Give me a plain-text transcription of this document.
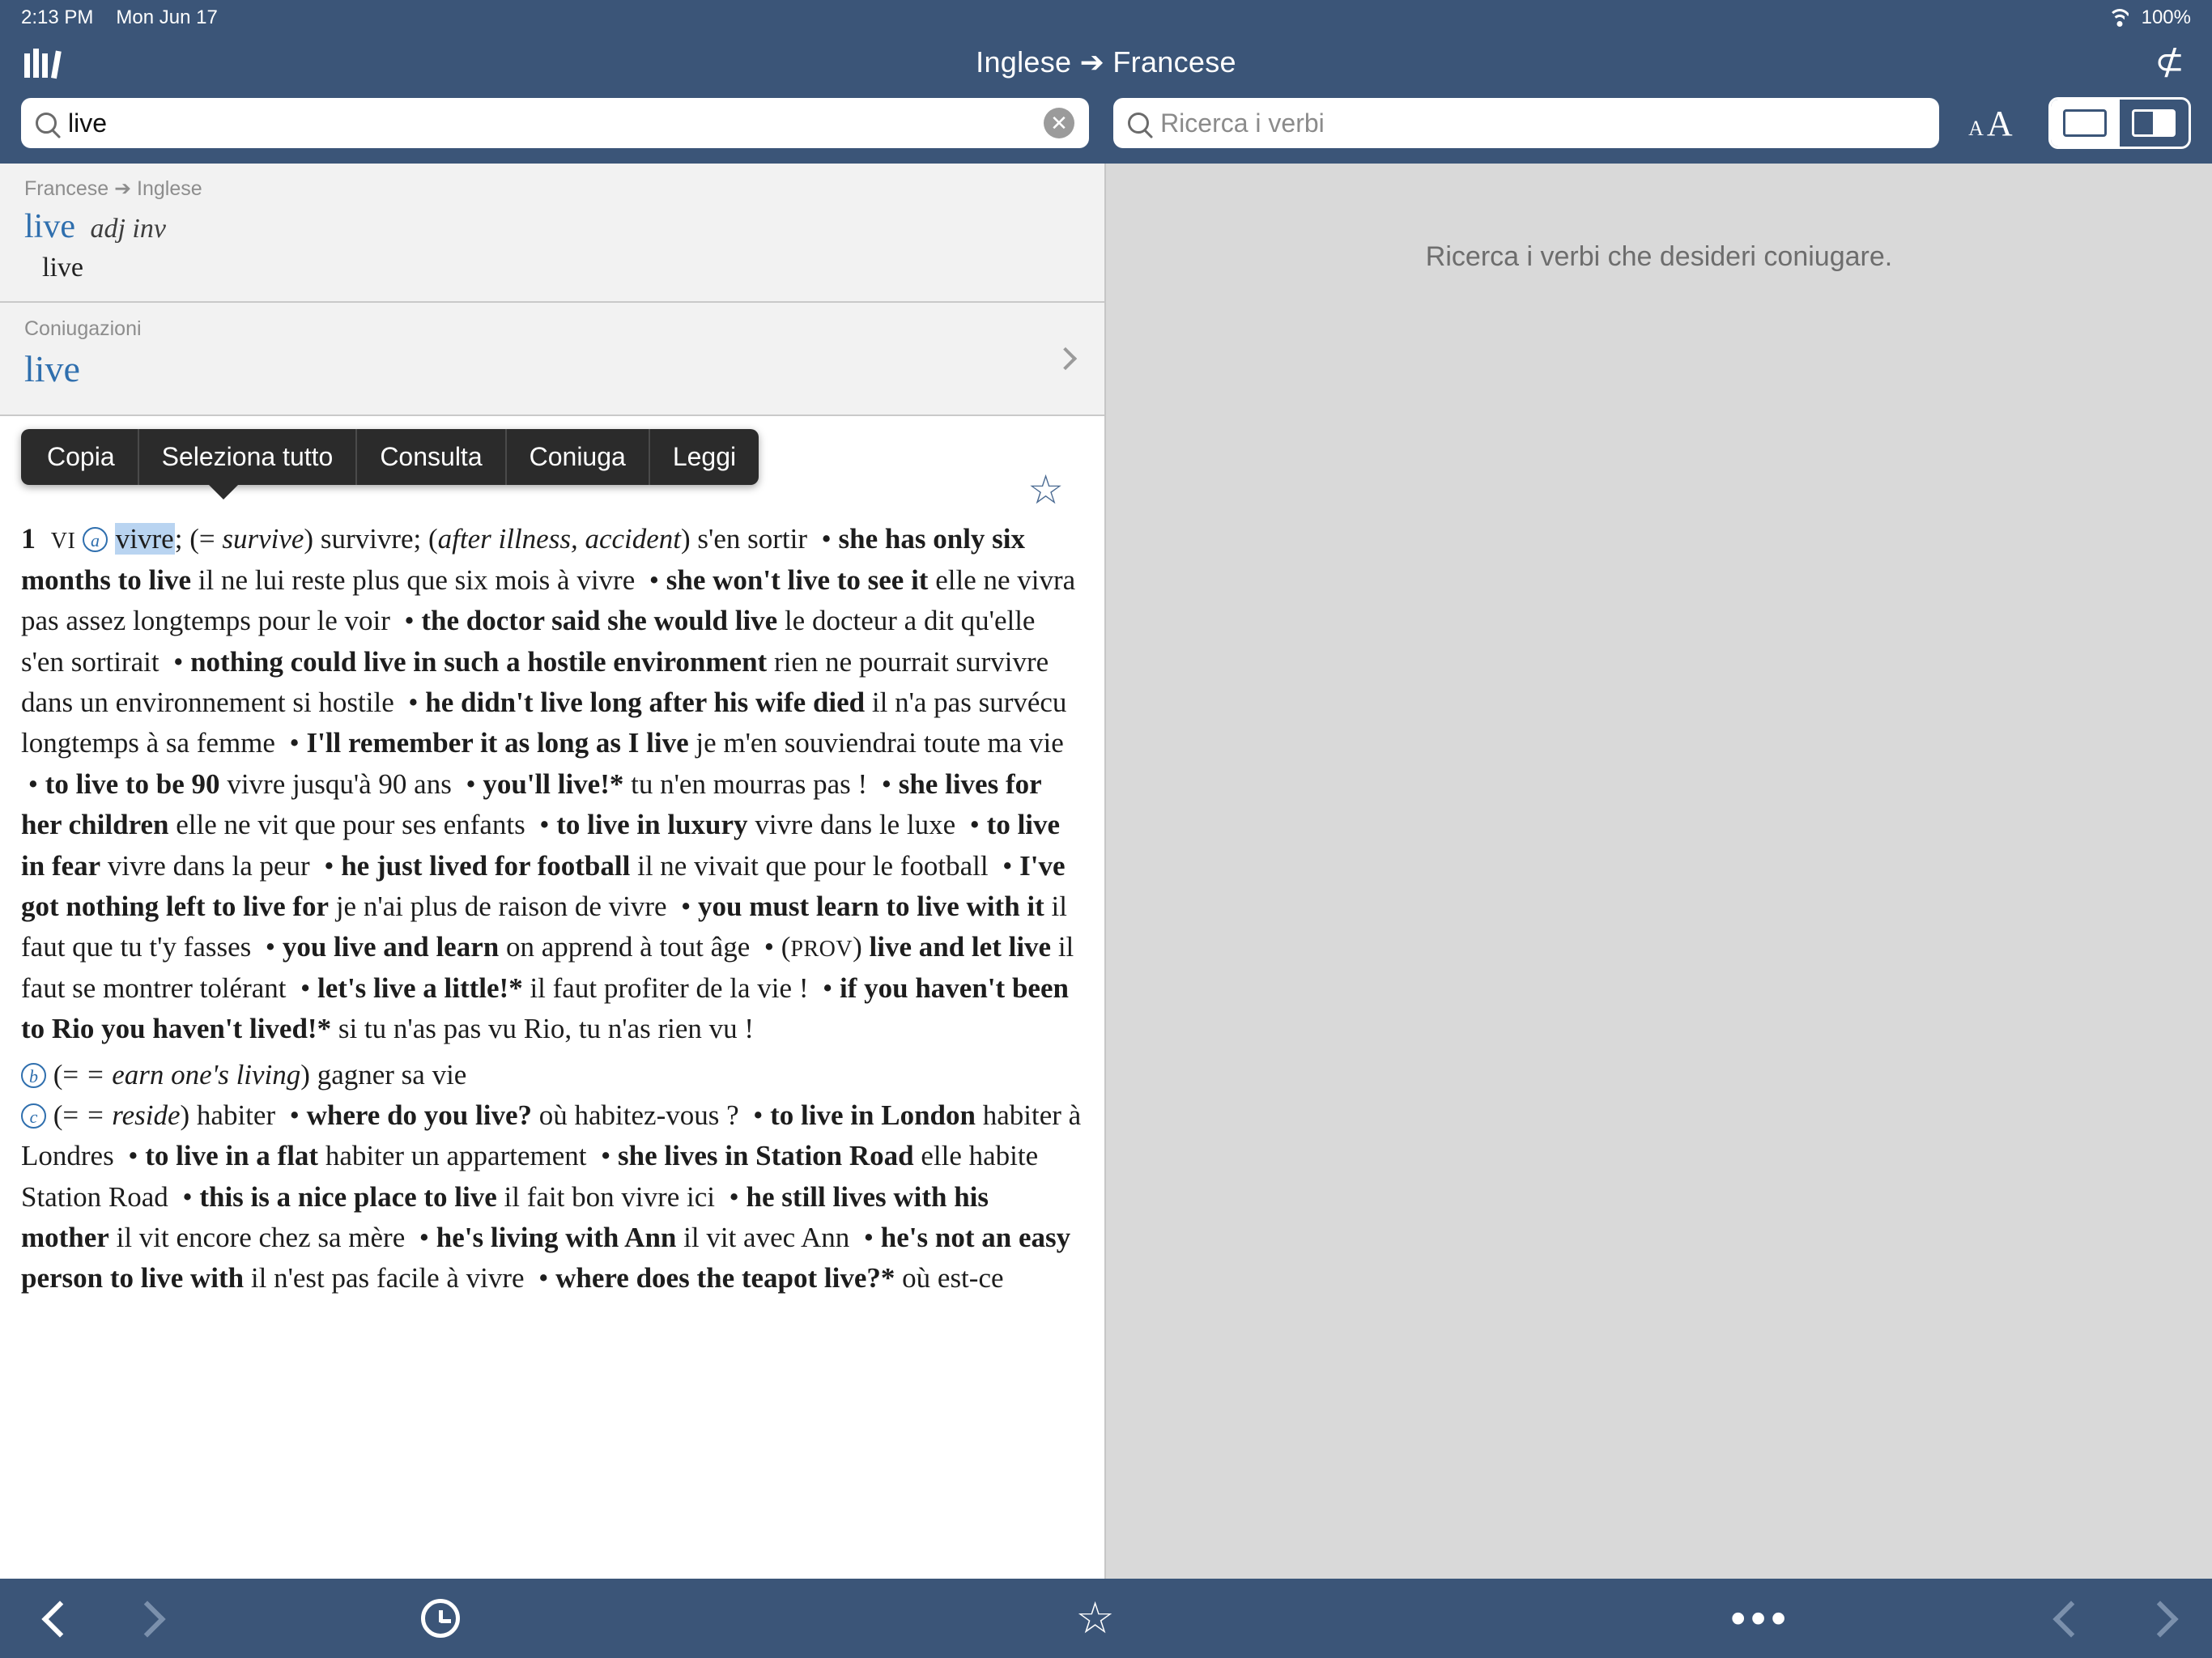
2:13 PM Mon Jun 17	100%
Inglese ➔ Francese	⊄
live	✕	Ricerca i verbi	A A
Francese ➔ Inglese
live adj inv
live
Coniugazioni
live
Copia	Seleziona tutto	Consulta	Coniuga	Leggi
☆
1 VI a vivre; (= survive) survivre; (after illness, accident) s'en sortir  • she has only six months to live il ne lui reste plus que six mois à vivre  • she won't live to see it elle ne vivra pas assez longtemps pour le voir  • the doctor said she would live le docteur a dit qu'elle s'en sortirait  • nothing could live in such a hostile environment rien ne pourrait survivre dans un environnement si hostile  • he didn't live long after his wife died il n'a pas survécu longtemps à sa femme  • I'll remember it as long as I live je m'en souviendrai toute ma vie  • to live to be 90 vivre jusqu'à 90 ans  • you'll live!* tu n'en mourras pas !  • she lives for her children elle ne vit que pour ses enfants  • to live in luxury vivre dans le luxe  • to live in fear vivre dans la peur  • he just lived for football il ne vivait que pour le football  • I've got nothing left to live for je n'ai plus de raison de vivre  • you must learn to live with it il faut que tu t'y fasses  • you live and learn on apprend à tout âge  • (PROV) live and let live il faut se montrer tolérant  • let's live a little!* il faut profiter de la vie !  • if you haven't been to Rio you haven't lived!* si tu n'as pas vu Rio, tu n'as rien vu !
b (= = earn one's living) gagner sa vie
c (= = reside) habiter  • where do you live? où habitez-vous ?  • to live in London habiter à Londres  • to live in a flat habiter un appartement  • she lives in Station Road elle habite Station Road  • this is a nice place to live il fait bon vivre ici  • he still lives with his mother il vit encore chez sa mère  • he's living with Ann il vit avec Ann  • he's not an easy person to live with il n'est pas facile à vivre  • where does the teapot live?* où est-ce
Ricerca i verbi che desideri coniugare.
☆	•••
